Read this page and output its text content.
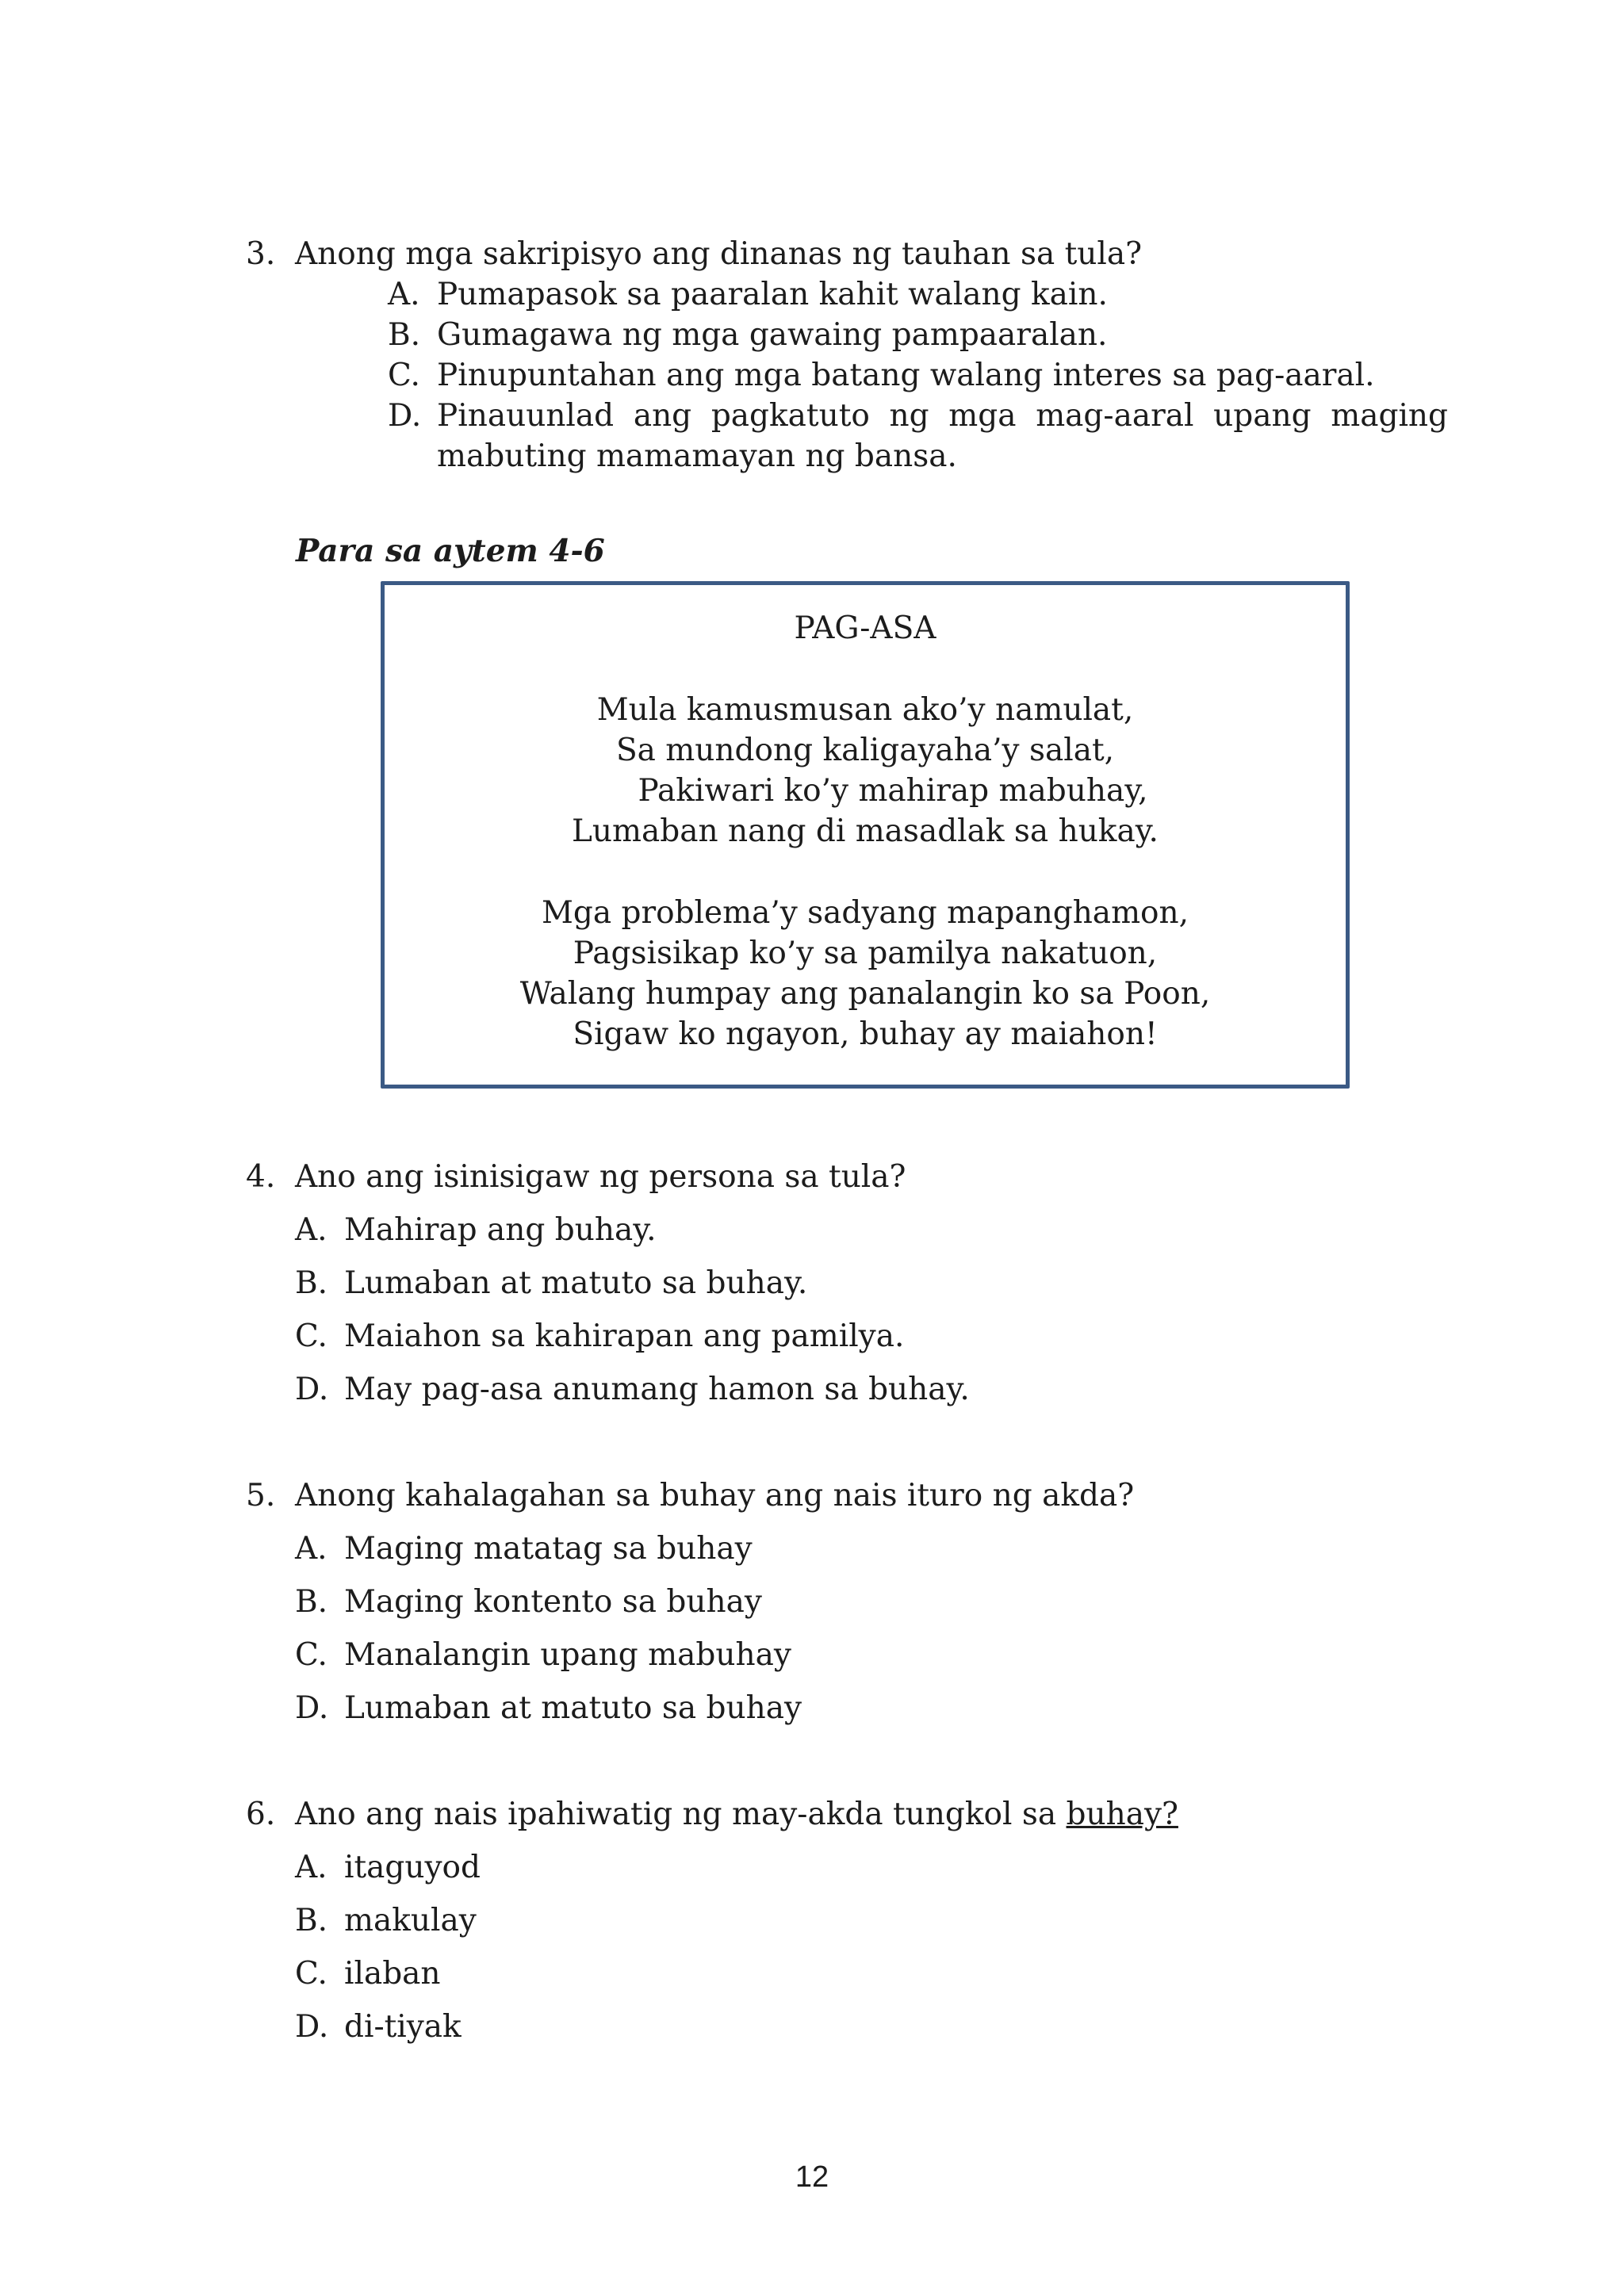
3. Anong mga sakripisyo ang dinanas ng tauhan sa tula?
A. Pumapasok sa paaralan kahit walang kain.
B. Gumagawa ng mga gawaing pampaaralan.
C. Pinupuntahan ang mga batang walang interes sa pag-aaral.
D. Pinauunlad ang pagkatuto ng mga mag-aaral upang maging
mabuting mamamayan ng bansa.
Para sa aytem 4-6
PAG-ASA
Mula kamusmusan ako’y namulat,
Sa mundong kaligayaha’y salat,
Pakiwari ko’y mahirap mabuhay,
Lumaban nang di masadlak sa hukay.
Mga problema’y sadyang mapanghamon,
Pagsisikap ko’y sa pamilya nakatuon,
Walang humpay ang panalangin ko sa Poon,
Sigaw ko ngayon, buhay ay maiahon!
4. Ano ang isinisigaw ng persona sa tula?
A. Mahirap ang buhay.
B. Lumaban at matuto sa buhay.
C. Maiahon sa kahirapan ang pamilya.
D. May pag-asa anumang hamon sa buhay.
5. Anong kahalagahan sa buhay ang nais ituro ng akda?
A. Maging matatag sa buhay
B. Maging kontento sa buhay
C. Manalangin upang mabuhay
D. Lumaban at matuto sa buhay
6. Ano ang nais ipahiwatig ng may-akda tungkol sa buhay?
A. itaguyod
B. makulay
C. ilaban
D. di-tiyak
12
